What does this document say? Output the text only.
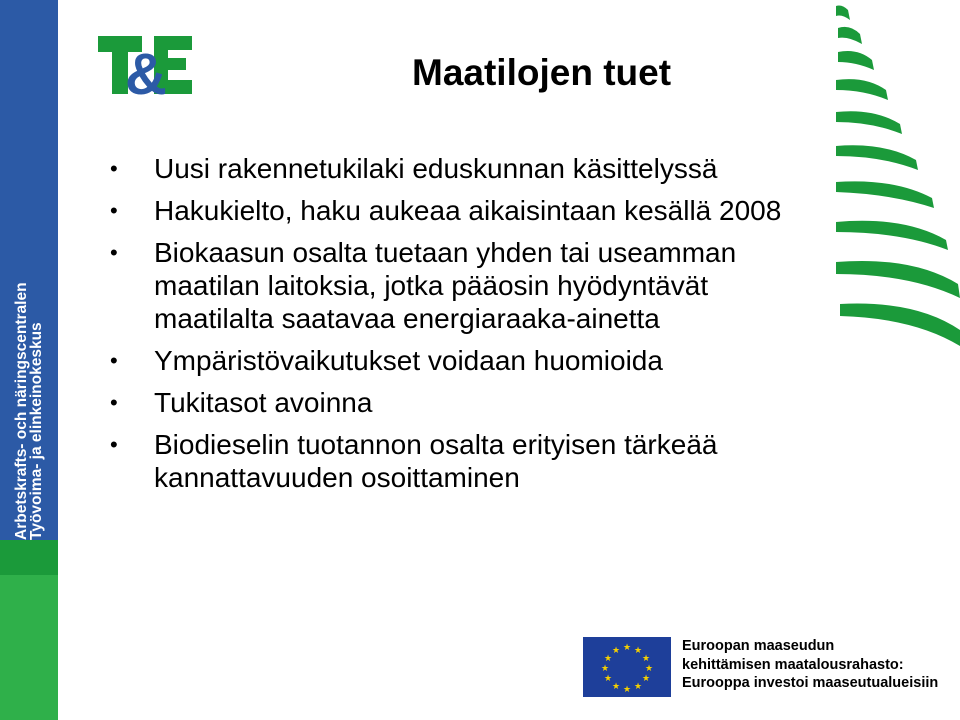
Arbetskrafts- och näringscentralen
Työvoima- ja elinkeinokeskus
&	Maatilojen tuet
• Uusi rakennetukilaki eduskunnan käsittelyssä
• Hakukielto, haku aukeaa aikaisintaan kesällä 2008
• Biokaasun osalta tuetaan yhden tai useamman maatilan laitoksia, jotka pääosin hyödyntävät maatilalta saatavaa energiaraaka-ainetta
• Ympäristövaikutukset voidaan huomioida
• Tukitasot avoinna
• Biodieselin tuotannon osalta erityisen tärkeää kannattavuuden osoittaminen
★ ★
★
★
★
★
★
★
★
★
★
★	Euroopan maaseudun
kehittämisen maatalousrahasto:
Eurooppa investoi maaseutualueisiin
